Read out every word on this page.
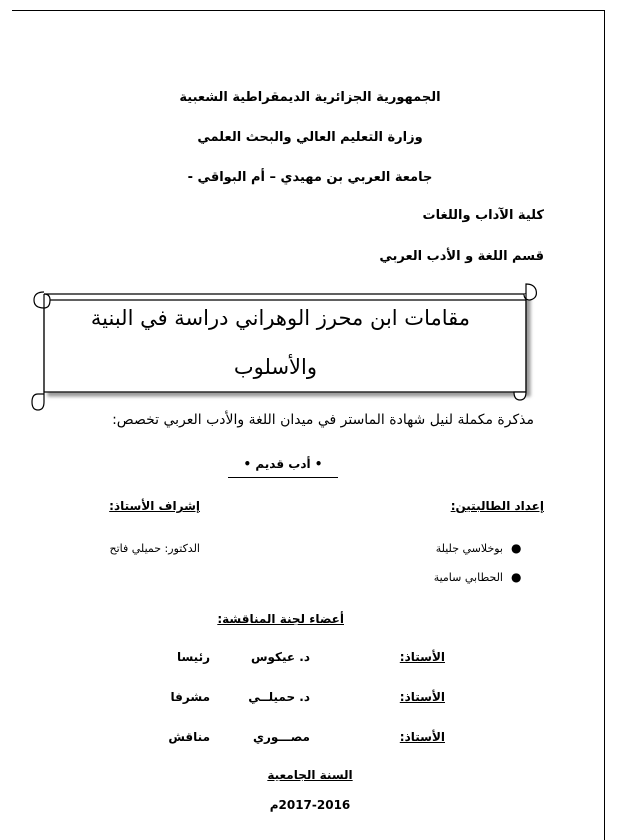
الجمهورية الجزائرية الديمقراطية الشعبية
وزارة التعليم العالي والبحث العلمي
جامعة العربي بن مهيدي – أم البواقي -
كلية الآداب واللغات
قسم اللغة و الأدب العربي
مقامات ابن محرز الوهراني دراسة في البنية
والأسلوب
مذكرة مكملة لنيل شهادة الماستر في ميدان اللغة والأدب العربي تخصص:
• أدب قديم •
إعداد الطالبتين:
إشراف الأستاذ:
●
بوخلاسي جليلة
الدكتور: حميلي فاتح
●
الحطابي سامية
أعضاء لجنة المناقشة:
الأستاذ:
د. عيكوس
رئيسا
الأستاذ:
د. حميلــي
مشرفا
الأستاذ:
مصـــوري
مناقش
السنة الجامعية
2017-2016م
